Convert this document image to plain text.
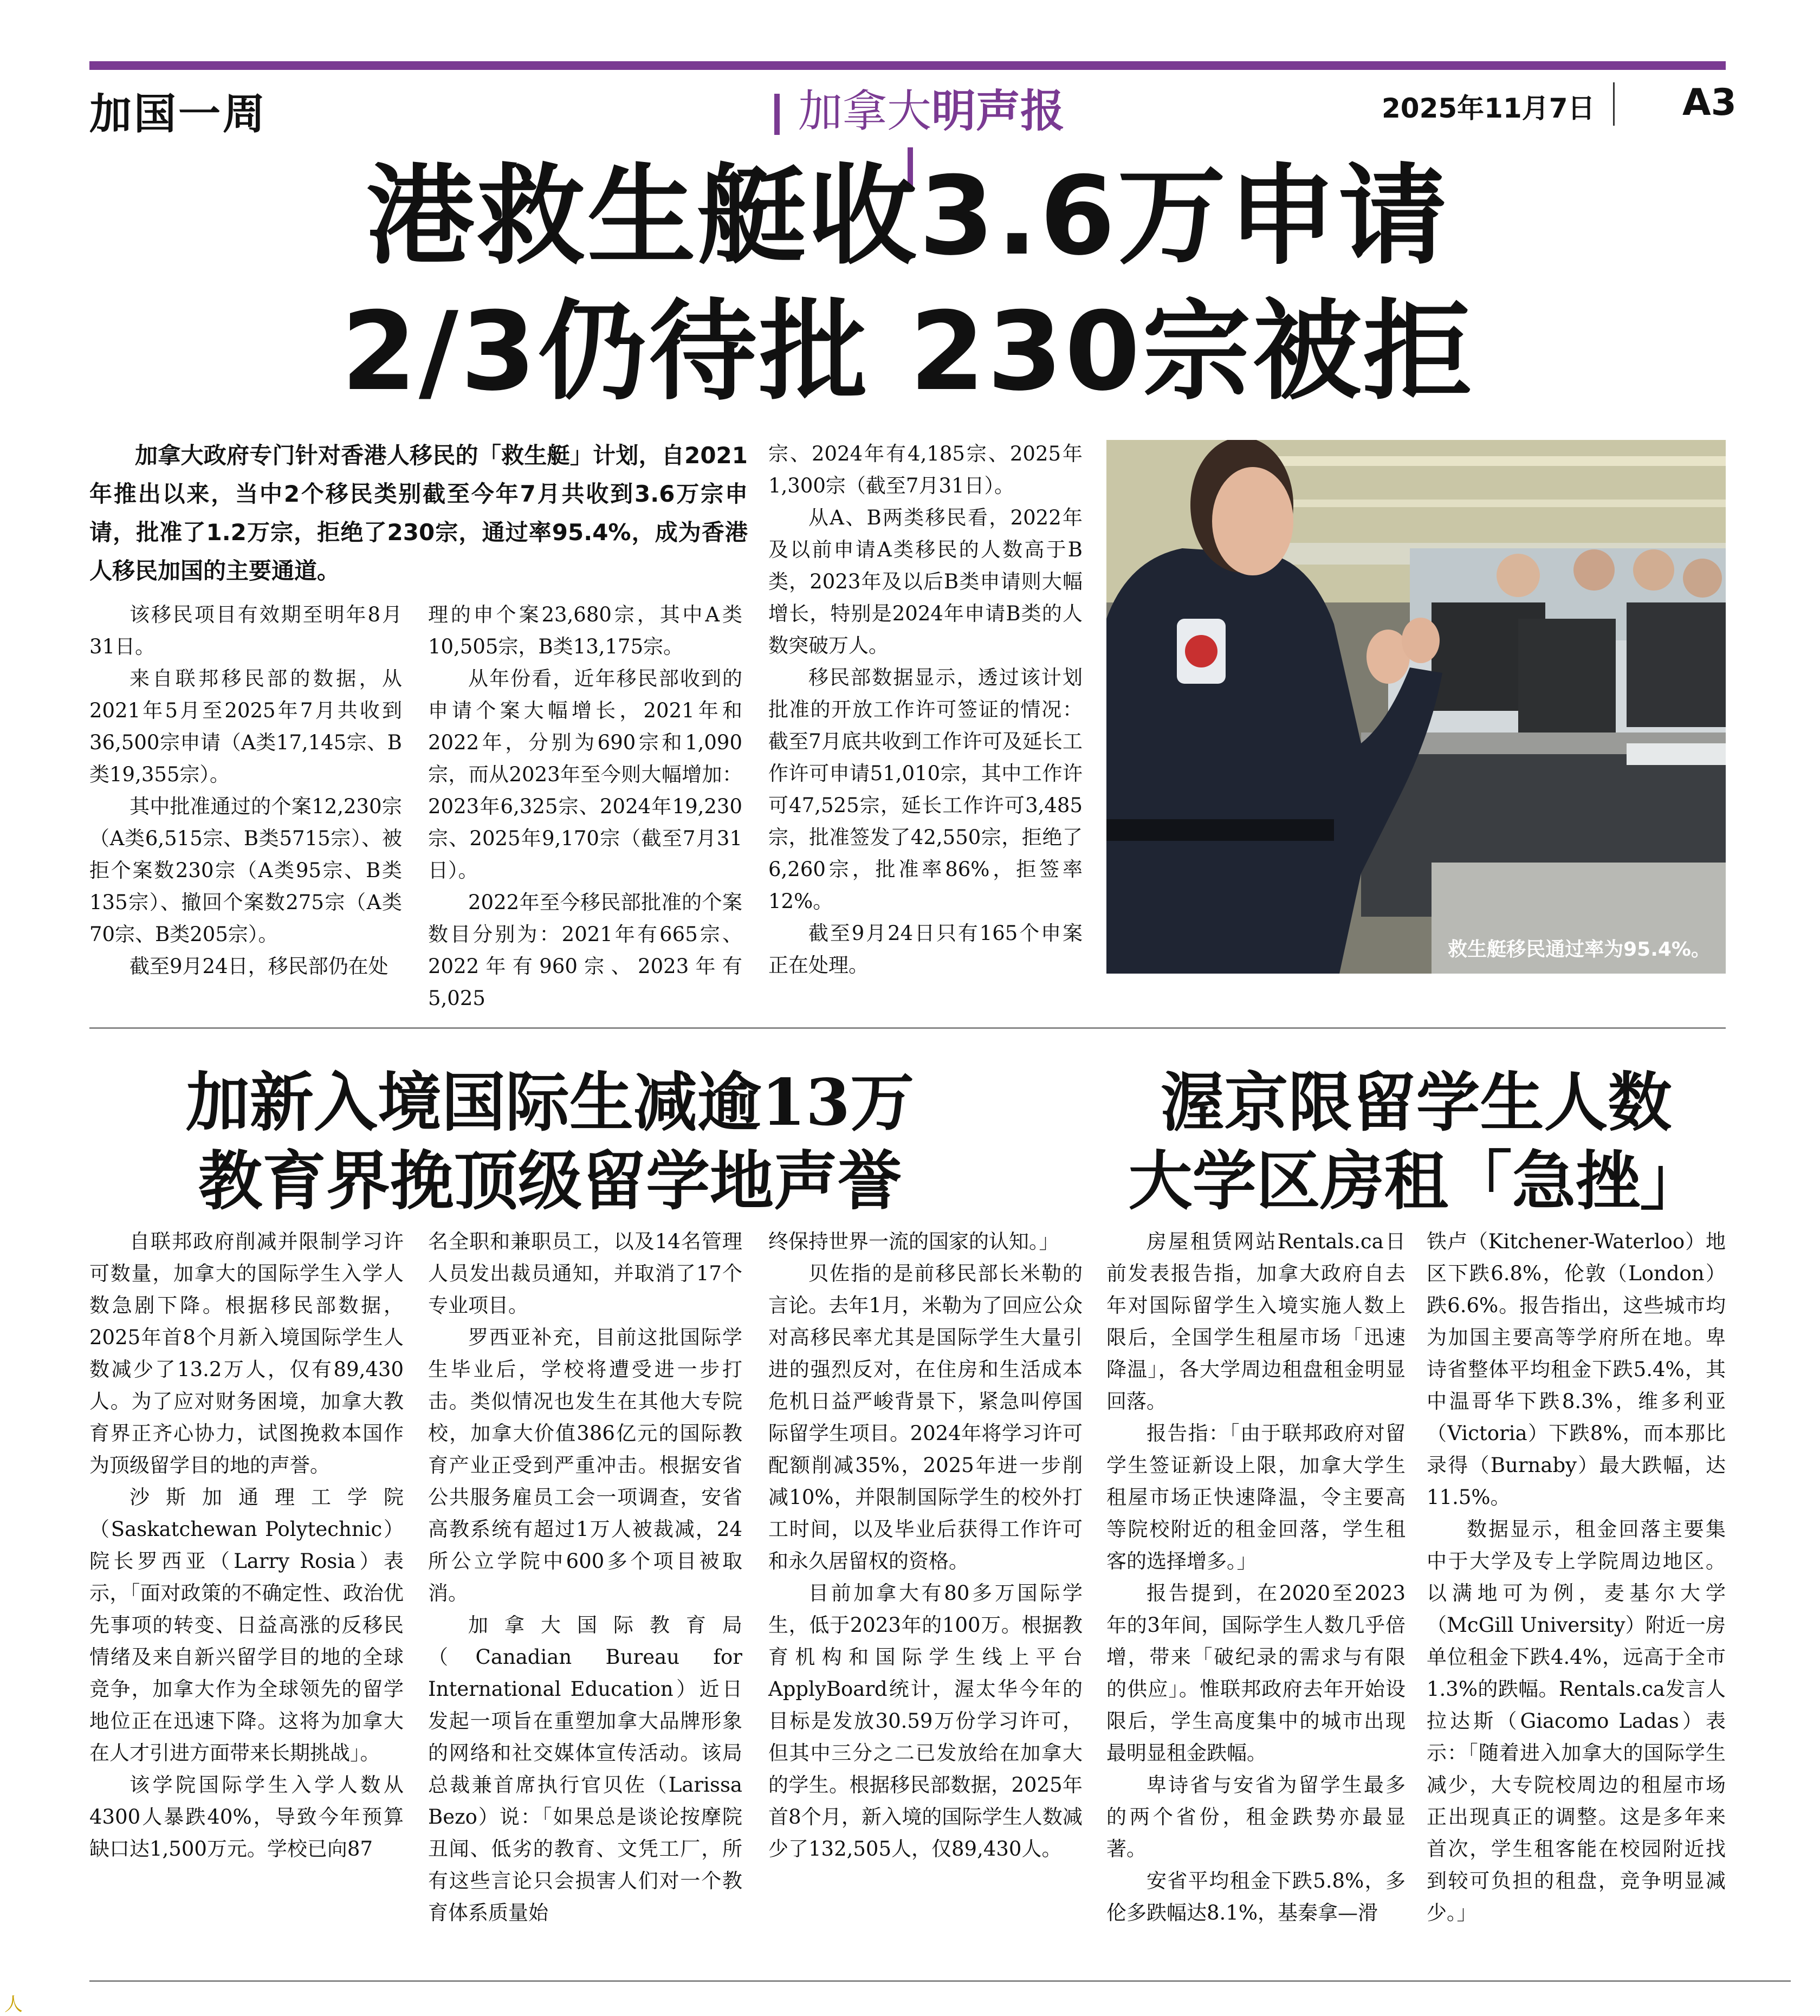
加国一周	加拿大明声报	2025年11月7日 A3
港救生艇收3.6万申请
2/3仍待批 230宗被拒
加拿大政府专门针对香港人移民的「救生艇」计划，自2021年推出以来，当中2个移民类别截至今年7月共收到3.6万宗申请，批准了1.2万宗，拒绝了230宗，通过率95.4%，成为香港人移民加国的主要通道。

该移民项目有效期至明年8月31日。

来自联邦移民部的数据，从2021年5月至2025年7月共收到36,500宗申请（A类17,145宗、B类19,355宗）。

其中批准通过的个案12,230宗（A类6,515宗、B类5715宗）、被拒个案数230宗（A类95宗、B类135宗）、撤回个案数275宗（A类70宗、B类205宗）。

截至9月24日，移民部仍在处

理的申个案23,680宗，其中A类10,505宗，B类13,175宗。

从年份看，近年移民部收到的申请个案大幅增长，2021年和2022年，分别为690宗和1,090宗，而从2023年至今则大幅增加：2023年6,325宗、2024年19,230宗、2025年9,170宗（截至7月31日）。

2022年至今移民部批准的个案数目分别为：2021年有665宗、2022年有960宗、2023年有5,025

宗、2024年有4,185宗、2025年1,300宗（截至7月31日）。

从A、B两类移民看，2022年及以前申请A类移民的人数高于B类，2023年及以后B类申请则大幅增长，特别是2024年申请B类的人数突破万人。

移民部数据显示，透过该计划批准的开放工作许可签证的情况：截至7月底共收到工作许可及延长工作许可申请51,010宗，其中工作许可47,525宗，延长工作许可3,485宗，批准签发了42,550宗，拒绝了6,260宗，批准率86%，拒签率12%。

截至9月24日只有165个申案正在处理。

救生艇移民通过率为95.4%。
加新入境国际生减逾13万
教育界挽顶级留学地声誉

自联邦政府削减并限制学习许可数量，加拿大的国际学生入学人数急剧下降。根据移民部数据，2025年首8个月新入境国际学生人数减少了13.2万人，仅有89,430人。为了应对财务困境，加拿大教育界正齐心协力，试图挽救本国作为顶级留学目的地的声誉。

沙斯加通理工学院（Saskatchewan Polytechnic）院长罗西亚（Larry Rosia）表示，「面对政策的不确定性、政治优先事项的转变、日益高涨的反移民情绪及来自新兴留学目的地的全球竞争，加拿大作为全球领先的留学地位正在迅速下降。这将为加拿大在人才引进方面带来长期挑战」。

该学院国际学生入学人数从4300人暴跌40%，导致今年预算缺口达1,500万元。学校已向87

名全职和兼职员工，以及14名管理人员发出裁员通知，并取消了17个专业项目。

罗西亚补充，目前这批国际学生毕业后，学校将遭受进一步打击。类似情况也发生在其他大专院校，加拿大价值386亿元的国际教育产业正受到严重冲击。根据安省公共服务雇员工会一项调查，安省高教系统有超过1万人被裁减，24所公立学院中600多个项目被取消。

加拿大国际教育局（Canadian Bureau for International Education）近日发起一项旨在重塑加拿大品牌形象的网络和社交媒体宣传活动。该局总裁兼首席执行官贝佐（Larissa Bezo）说：「如果总是谈论按摩院丑闻、低劣的教育、文凭工厂，所有这些言论只会损害人们对一个教育体系质量始

终保持世界一流的国家的认知。」

贝佐指的是前移民部长米勒的言论。去年1月，米勒为了回应公众对高移民率尤其是国际学生大量引进的强烈反对，在住房和生活成本危机日益严峻背景下，紧急叫停国际留学生项目。2024年将学习许可配额削减35%，2025年进一步削减10%，并限制国际学生的校外打工时间，以及毕业后获得工作许可和永久居留权的资格。

目前加拿大有80多万国际学生，低于2023年的100万。根据教育机构和国际学生线上平台ApplyBoard统计，渥太华今年的目标是发放30.59万份学习许可，但其中三分之二已发放给在加拿大的学生。根据移民部数据，2025年首8个月，新入境的国际学生人数减少了132,505人，仅89,430人。

渥京限留学生人数
大学区房租「急挫」

房屋租赁网站Rentals.ca日前发表报告指，加拿大政府自去年对国际留学生入境实施人数上限后，全国学生租屋市场「迅速降温」，各大学周边租盘租金明显回落。

报告指：「由于联邦政府对留学生签证新设上限，加拿大学生租屋市场正快速降温，令主要高等院校附近的租金回落，学生租客的选择增多。」

报告提到，在2020至2023年的3年间，国际学生人数几乎倍增，带来「破纪录的需求与有限的供应」。惟联邦政府去年开始设限后，学生高度集中的城市出现最明显租金跌幅。

卑诗省与安省为留学生最多的两个省份，租金跌势亦最显著。

安省平均租金下跌5.8%，多伦多跌幅达8.1%，基秦拿—滑

铁卢（Kitchener-Waterloo）地区下跌6.8%，伦敦（London）跌6.6%。报告指出，这些城市均为加国主要高等学府所在地。卑诗省整体平均租金下跌5.4%，其中温哥华下跌8.3%，维多利亚（Victoria）下跌8%，而本那比录得（Burnaby）最大跌幅，达11.5%。

数据显示，租金回落主要集中于大学及专上学院周边地区。以满地可为例，麦基尔大学（McGill University）附近一房单位租金下跌4.4%，远高于全市1.3%的跌幅。Rentals.ca发言人拉达斯（Giacomo Ladas）表示：「随着进入加拿大的国际学生减少，大专院校周边的租屋市场正出现真正的调整。这是多年来首次，学生租客能在校园附近找到较可负担的租盘，竞争明显减少。」

人
